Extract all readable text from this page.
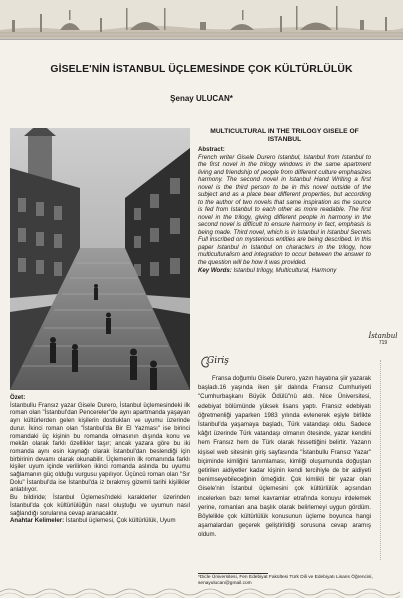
GİSELE'NİN İSTANBUL ÜÇLEMESİNDE ÇOK KÜLTÜRLÜLÜK
Şenay ULUCAN*
MULTICULTURAL IN THE TRILOGY GISELE OF ISTANBUL
Abstract:
French writer Gisele Durero Istanbul, Istanbul from Istanbul to the first novel in the trilogy windows in the same apartment living and friendship of people from different culture emphasizes harmony. The second novel in Istanbul Hand Writing a first novel is the third person to be in this novel outside of the subject and as a place bear different properties, but according to the author of two novels that same inspiration as the source is fed from Istanbul to each other as more readable. The first novel in the trilogy, giving different people in harmony in the second novel is difficult to ensure harmony in fact, emphasis is being made. Third novel, which is in Istanbul in Istanbul Secrets Full inscribed on mysterious entities are being described. In this paper Istanbul in Istanbul on characters in the trilogy, how multiculturalism and integration to occur between the answer to the question will be how it was provided.
Key Words: Istanbul trilogy, Multicultural, Harmony
Giriş
Fransa doğumlu Gisele Durero, yazın hayatına şiir yazarak başladı.16 yaşında iken şiir dalında Fransız Cumhuriyeti "Cumhurbaşkanı Büyük Ödülü"nü aldı. Nice Üniversitesi, edebiyat bölümünde yüksek lisans yaptı. Fransız edebiyatı öğretmenliği yaparken 1983 yılında evlenerek eşiyle birlikte İstanbul'da yaşamaya başladı, Türk vatandaşı oldu. Sadece kâğıt üzerinde Türk vatandaşı olmanın ötesinde, yazar kendini hem Fransız hem de Türk olarak hissettiğini belirtir. Yazarın kişisel web sitesinin giriş sayfasında "İstanbullu Fransız Yazar" biçiminde kimliğini tanımlaması, kimliği oluşumunda doğuştan getirilen aidiyetler kadar kişinin kendi tercihiyle de bir aidiyeti benimseyebileceğinin örneğidir. Çok kimlikli bir yazar olan Gisele'nin İstanbul üçlemesini çok kültürlülük açısından incelerken bazı temel kavramlar etrafında konuyu irdelemek yerine, romanları ana başlık olarak belirlemeyi uygun gördüm. Böylelikle çok kültürlülük konusunun üçleme boyunca hangi aşamalardan geçerek geliştirildiği sorusuna cevap aramış oldum.
Özet:
İstanbullu Fransız yazar Gisele Durero, İstanbul üçlemesindeki ilk roman olan "İstanbul'dan Pencereler"de aynı apartmanda yaşayan ayrı kültürlerden gelen kişilerin dostlukları ve uyumu üzerinde durur. İkinci roman olan "İstanbul'da Bir El Yazması" ise birinci romandaki üç kişinin bu romanda olmasının dışında konu ve mekân olarak farklı özellikler taşır; ancak yazara göre bu iki romanda aynı esin kaynağı olarak İstanbul'dan beslendiği için birbirinin devamı olarak okunabilir. Üçlemenin ilk romanında farklı kişiler uyum içinde verilirken ikinci romanda aslında bu uyumu sağlamanın güç olduğu vurgusu yapılıyor. Üçüncü roman olan "Sır Dolu" İstanbul'da ise İstanbul'da iz bırakmış gizemli tarihi kişilikler anlatılıyor.
Bu bildiride; İstanbul Üçlemesi'ndeki karakterler üzerinden İstanbul'da çok kültürlülüğün nasıl oluştuğu ve uyumun nasıl sağlandığı sorularına cevap aranacaktır.
Anahtar Kelimeler: İstanbul üçlemesi, Çok kültürlülük, Uyum
*Dicle Üniversitesi, Fen Edebiyat Fakültesi Türk Dili ve Edebiyatı Lisans Öğrencisi, senayulucan@gmail.com
İstanbul
719
